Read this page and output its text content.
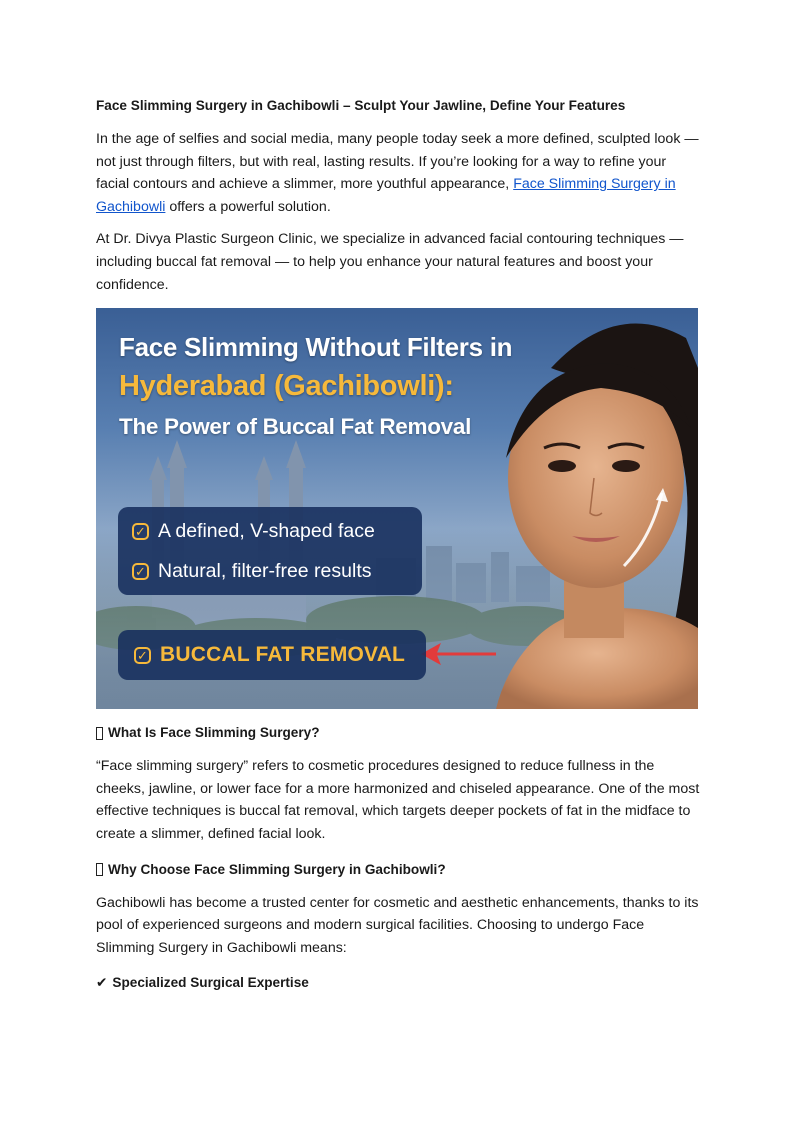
Face Slimming Surgery in Gachibowli – Sculpt Your Jawline, Define Your Features

In the age of selfies and social media, many people today seek a more defined, sculpted look — not just through filters, but with real, lasting results. If you’re looking for a way to refine your facial contours and achieve a slimmer, more youthful appearance, Face Slimming Surgery in Gachibowli offers a powerful solution.

At Dr. Divya Plastic Surgeon Clinic, we specialize in advanced facial contouring techniques — including buccal fat removal — to help you enhance your natural features and boost your confidence.

Face Slimming Without Filters in
Hyderabad (Gachibowli):
The Power of Buccal Fat Removal
✓ A defined, V-shaped face
✓ Natural, filter-free results
✓ BUCCAL FAT REMOVAL
What Is Face Slimming Surgery?

“Face slimming surgery” refers to cosmetic procedures designed to reduce fullness in the cheeks, jawline, or lower face for a more harmonized and chiseled appearance. One of the most effective techniques is buccal fat removal, which targets deeper pockets of fat in the midface to create a slimmer, defined facial look.

Why Choose Face Slimming Surgery in Gachibowli?

Gachibowli has become a trusted center for cosmetic and aesthetic enhancements, thanks to its pool of experienced surgeons and modern surgical facilities. Choosing to undergo Face Slimming Surgery in Gachibowli means:

✔ Specialized Surgical Expertise
